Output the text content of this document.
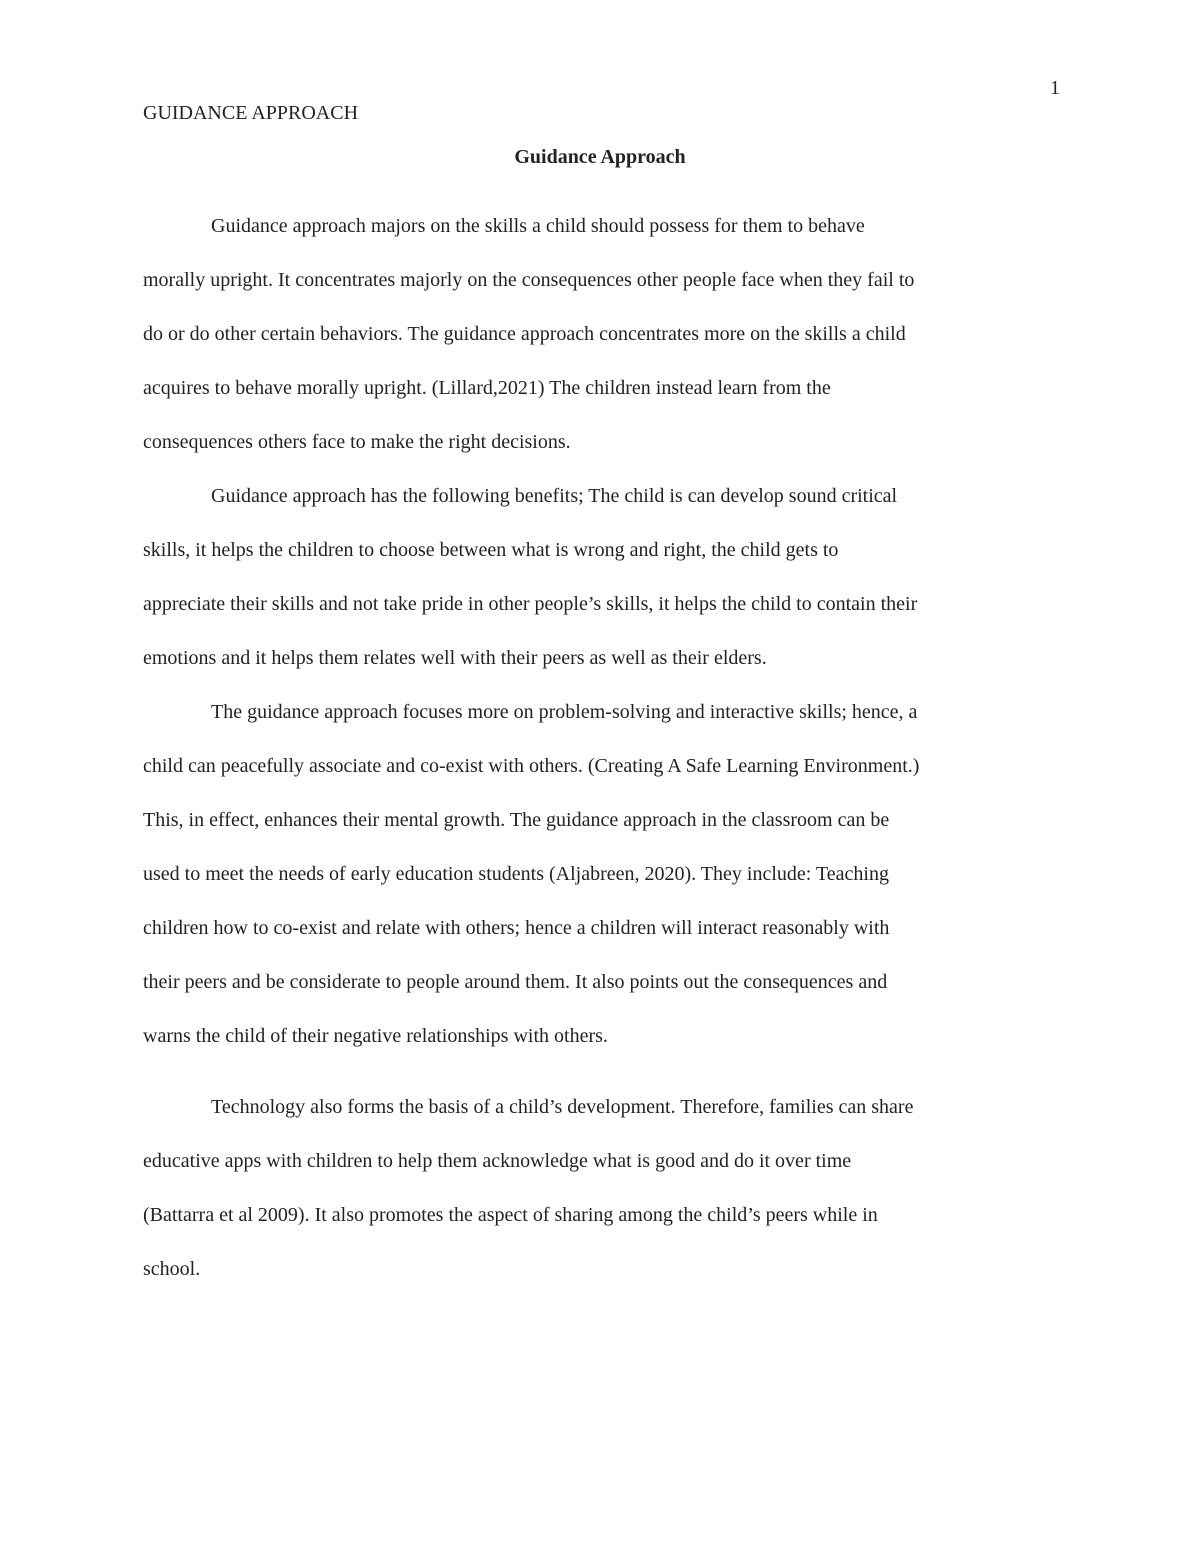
1
GUIDANCE APPROACH
Guidance Approach
Guidance approach majors on the skills a child should possess for them to behave
morally upright. It concentrates majorly on the consequences other people face when they fail to
do or do other certain behaviors. The guidance approach concentrates more on the skills a child
acquires to behave morally upright. (Lillard,2021) The children instead learn from the
consequences others face to make the right decisions.
Guidance approach has the following benefits; The child is can develop sound critical
skills, it helps the children to choose between what is wrong and right, the child gets to
appreciate their skills and not take pride in other people’s skills, it helps the child to contain their
emotions and it helps them relates well with their peers as well as their elders.
The guidance approach focuses more on problem-solving and interactive skills; hence, a
child can peacefully associate and co-exist with others. (Creating A Safe Learning Environment.)
This, in effect, enhances their mental growth. The guidance approach in the classroom can be
used to meet the needs of early education students (Aljabreen, 2020). They include: Teaching
children how to co-exist and relate with others; hence a children will interact reasonably with
their peers and be considerate to people around them. It also points out the consequences and
warns the child of their negative relationships with others.
Technology also forms the basis of a child’s development. Therefore, families can share
educative apps with children to help them acknowledge what is good and do it over time
(Battarra et al 2009). It also promotes the aspect of sharing among the child’s peers while in
school.
